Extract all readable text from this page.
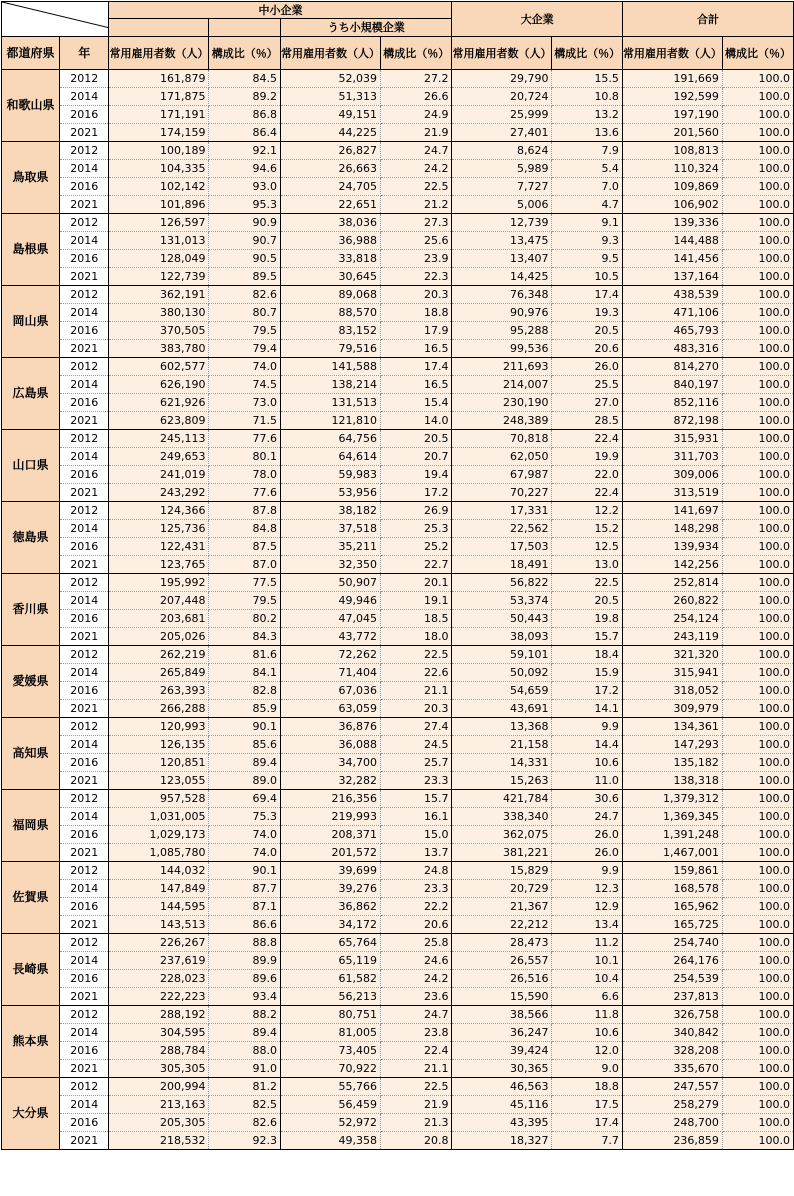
	中小企業				大企業		合計	
				うち小規模企業					
都道府県	年	常用雇用者数（人）	構成比（％）	常用雇用者数（人）	構成比（％）	常用雇用者数（人）	構成比（％）	常用雇用者数（人）	構成比（％）
和歌山県	2012	161,879	84.5	52,039	27.2	29,790	15.5	191,669	100.0
	2014	171,875	89.2	51,313	26.6	20,724	10.8	192,599	100.0
	2016	171,191	86.8	49,151	24.9	25,999	13.2	197,190	100.0
	2021	174,159	86.4	44,225	21.9	27,401	13.6	201,560	100.0
鳥取県	2012	100,189	92.1	26,827	24.7	8,624	7.9	108,813	100.0
	2014	104,335	94.6	26,663	24.2	5,989	5.4	110,324	100.0
	2016	102,142	93.0	24,705	22.5	7,727	7.0	109,869	100.0
	2021	101,896	95.3	22,651	21.2	5,006	4.7	106,902	100.0
島根県	2012	126,597	90.9	38,036	27.3	12,739	9.1	139,336	100.0
	2014	131,013	90.7	36,988	25.6	13,475	9.3	144,488	100.0
	2016	128,049	90.5	33,818	23.9	13,407	9.5	141,456	100.0
	2021	122,739	89.5	30,645	22.3	14,425	10.5	137,164	100.0
岡山県	2012	362,191	82.6	89,068	20.3	76,348	17.4	438,539	100.0
	2014	380,130	80.7	88,570	18.8	90,976	19.3	471,106	100.0
	2016	370,505	79.5	83,152	17.9	95,288	20.5	465,793	100.0
	2021	383,780	79.4	79,516	16.5	99,536	20.6	483,316	100.0
広島県	2012	602,577	74.0	141,588	17.4	211,693	26.0	814,270	100.0
	2014	626,190	74.5	138,214	16.5	214,007	25.5	840,197	100.0
	2016	621,926	73.0	131,513	15.4	230,190	27.0	852,116	100.0
	2021	623,809	71.5	121,810	14.0	248,389	28.5	872,198	100.0
山口県	2012	245,113	77.6	64,756	20.5	70,818	22.4	315,931	100.0
	2014	249,653	80.1	64,614	20.7	62,050	19.9	311,703	100.0
	2016	241,019	78.0	59,983	19.4	67,987	22.0	309,006	100.0
	2021	243,292	77.6	53,956	17.2	70,227	22.4	313,519	100.0
徳島県	2012	124,366	87.8	38,182	26.9	17,331	12.2	141,697	100.0
	2014	125,736	84.8	37,518	25.3	22,562	15.2	148,298	100.0
	2016	122,431	87.5	35,211	25.2	17,503	12.5	139,934	100.0
	2021	123,765	87.0	32,350	22.7	18,491	13.0	142,256	100.0
香川県	2012	195,992	77.5	50,907	20.1	56,822	22.5	252,814	100.0
	2014	207,448	79.5	49,946	19.1	53,374	20.5	260,822	100.0
	2016	203,681	80.2	47,045	18.5	50,443	19.8	254,124	100.0
	2021	205,026	84.3	43,772	18.0	38,093	15.7	243,119	100.0
愛媛県	2012	262,219	81.6	72,262	22.5	59,101	18.4	321,320	100.0
	2014	265,849	84.1	71,404	22.6	50,092	15.9	315,941	100.0
	2016	263,393	82.8	67,036	21.1	54,659	17.2	318,052	100.0
	2021	266,288	85.9	63,059	20.3	43,691	14.1	309,979	100.0
高知県	2012	120,993	90.1	36,876	27.4	13,368	9.9	134,361	100.0
	2014	126,135	85.6	36,088	24.5	21,158	14.4	147,293	100.0
	2016	120,851	89.4	34,700	25.7	14,331	10.6	135,182	100.0
	2021	123,055	89.0	32,282	23.3	15,263	11.0	138,318	100.0
福岡県	2012	957,528	69.4	216,356	15.7	421,784	30.6	1,379,312	100.0
	2014	1,031,005	75.3	219,993	16.1	338,340	24.7	1,369,345	100.0
	2016	1,029,173	74.0	208,371	15.0	362,075	26.0	1,391,248	100.0
	2021	1,085,780	74.0	201,572	13.7	381,221	26.0	1,467,001	100.0
佐賀県	2012	144,032	90.1	39,699	24.8	15,829	9.9	159,861	100.0
	2014	147,849	87.7	39,276	23.3	20,729	12.3	168,578	100.0
	2016	144,595	87.1	36,862	22.2	21,367	12.9	165,962	100.0
	2021	143,513	86.6	34,172	20.6	22,212	13.4	165,725	100.0
長崎県	2012	226,267	88.8	65,764	25.8	28,473	11.2	254,740	100.0
	2014	237,619	89.9	65,119	24.6	26,557	10.1	264,176	100.0
	2016	228,023	89.6	61,582	24.2	26,516	10.4	254,539	100.0
	2021	222,223	93.4	56,213	23.6	15,590	6.6	237,813	100.0
熊本県	2012	288,192	88.2	80,751	24.7	38,566	11.8	326,758	100.0
	2014	304,595	89.4	81,005	23.8	36,247	10.6	340,842	100.0
	2016	288,784	88.0	73,405	22.4	39,424	12.0	328,208	100.0
	2021	305,305	91.0	70,922	21.1	30,365	9.0	335,670	100.0
大分県	2012	200,994	81.2	55,766	22.5	46,563	18.8	247,557	100.0
	2014	213,163	82.5	56,459	21.9	45,116	17.5	258,279	100.0
	2016	205,305	82.6	52,972	21.3	43,395	17.4	248,700	100.0
	2021	218,532	92.3	49,358	20.8	18,327	7.7	236,859	100.0
